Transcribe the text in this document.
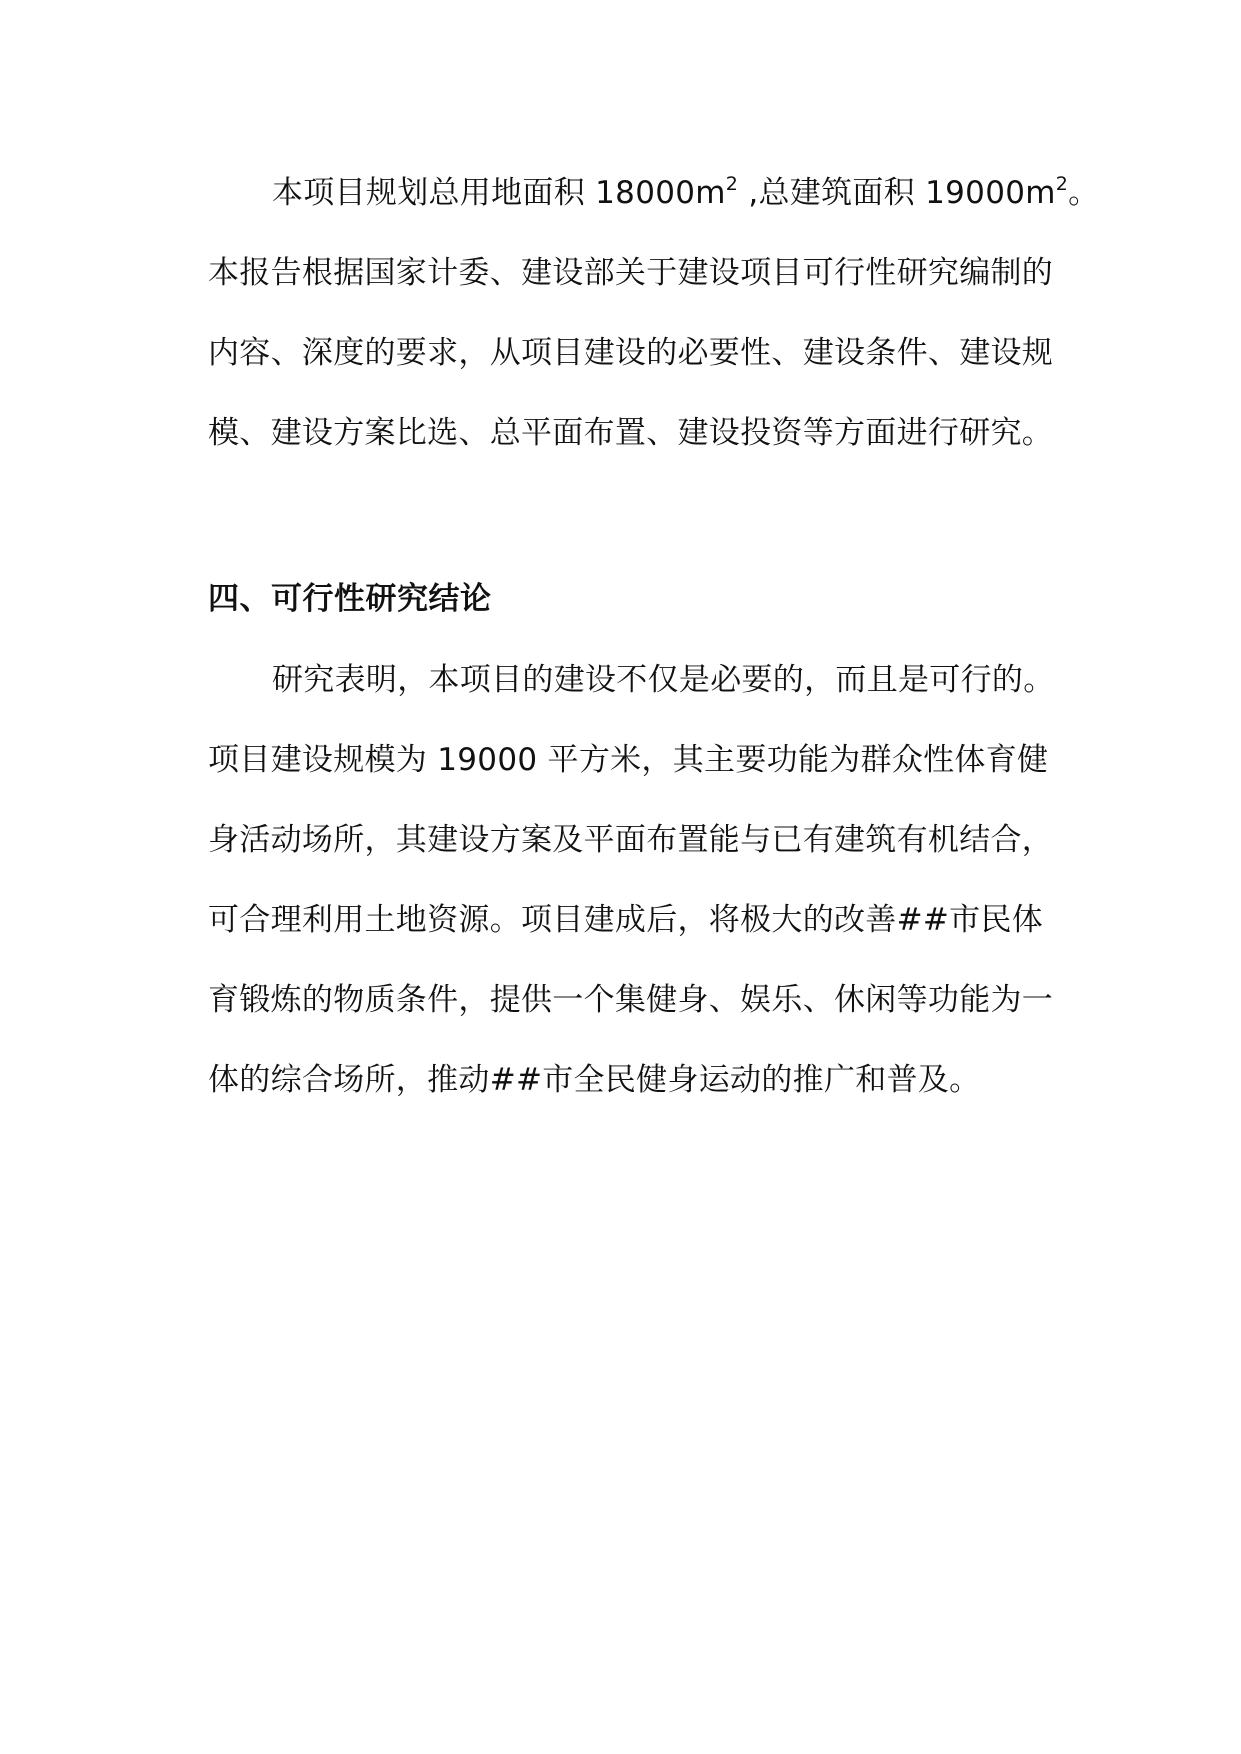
本项目规划总用地面积 $18000m^2$ ,总建筑面积 $19000m^2$。
本报告根据国家计委、建设部关于建设项目可行性研究编制的
内容、深度的要求，从项目建设的必要性、建设条件、建设规
模、建设方案比选、总平面布置、建设投资等方面进行研究。
四、可行性研究结论
研究表明，本项目的建设不仅是必要的，而且是可行的。
项目建设规模为 19000 平方米，其主要功能为群众性体育健
身活动场所，其建设方案及平面布置能与已有建筑有机结合，
可合理利用土地资源。项目建成后，将极大的改善##市民体
育锻炼的物质条件，提供一个集健身、娱乐、休闲等功能为一
体的综合场所，推动##市全民健身运动的推广和普及。
